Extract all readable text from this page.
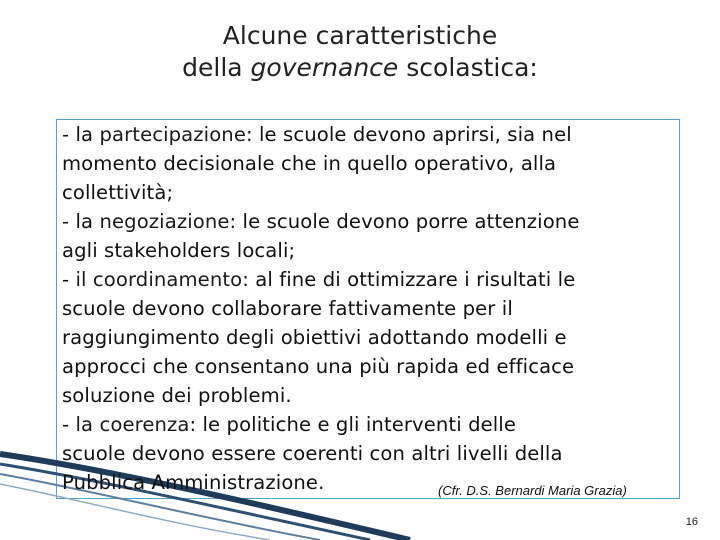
Alcune caratteristiche
della governance scolastica:
- la partecipazione: le scuole devono aprirsi, sia nel
momento decisionale che in quello operativo, alla
collettività;
- la negoziazione: le scuole devono porre attenzione
agli stakeholders locali;
- il coordinamento: al fine di ottimizzare i risultati le
scuole devono collaborare fattivamente per il
raggiungimento degli obiettivi adottando modelli e
approcci che consentano una più rapida ed efficace
soluzione dei problemi.
- la coerenza: le politiche e gli interventi delle
scuole devono essere coerenti con altri livelli della
Pubblica Amministrazione.	(Cfr. D.S. Bernardi Maria Grazia)
16
